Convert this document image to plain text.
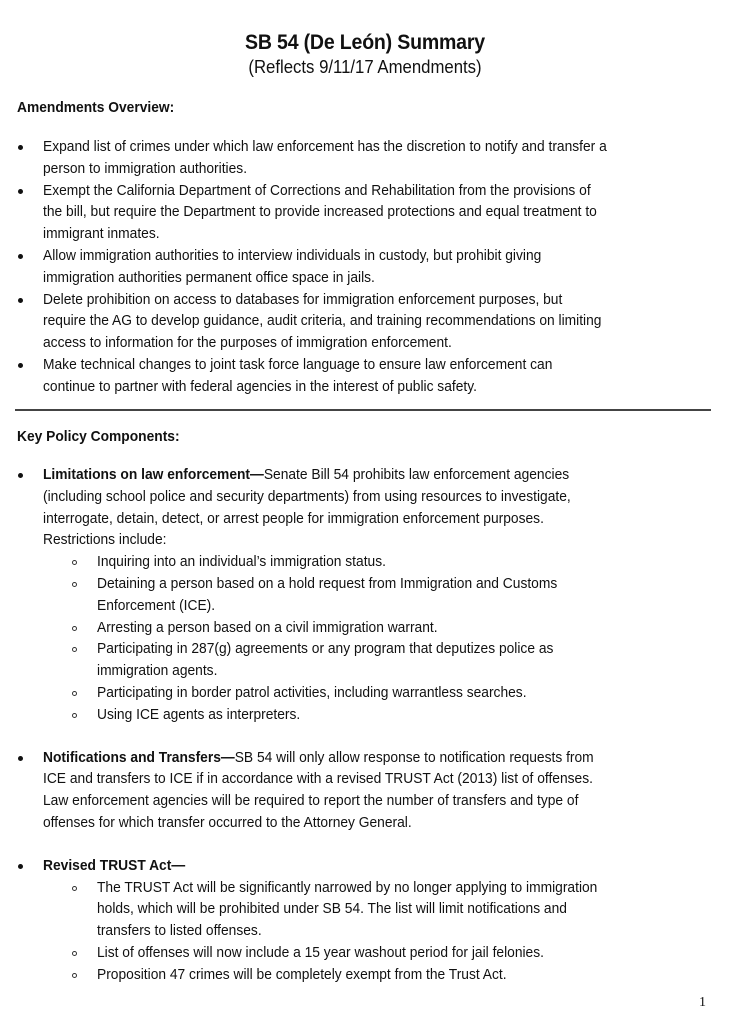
SB 54 (De León) Summary
(Reflects 9/11/17 Amendments)
Amendments Overview:
Expand list of crimes under which law enforcement has the discretion to notify and transfer a
person to immigration authorities.
Exempt the California Department of Corrections and Rehabilitation from the provisions of
the bill, but require the Department to provide increased protections and equal treatment to
immigrant inmates.
Allow immigration authorities to interview individuals in custody, but prohibit giving
immigration authorities permanent office space in jails.
Delete prohibition on access to databases for immigration enforcement purposes, but
require the AG to develop guidance, audit criteria, and training recommendations on limiting
access to information for the purposes of immigration enforcement.
Make technical changes to joint task force language to ensure law enforcement can
continue to partner with federal agencies in the interest of public safety.
Key Policy Components:
Limitations on law enforcement—Senate Bill 54 prohibits law enforcement agencies
(including school police and security departments) from using resources to investigate,
interrogate, detain, detect, or arrest people for immigration enforcement purposes.
Restrictions include:
Inquiring into an individual’s immigration status.
Detaining a person based on a hold request from Immigration and Customs
Enforcement (ICE).
Arresting a person based on a civil immigration warrant.
Participating in 287(g) agreements or any program that deputizes police as
immigration agents.
Participating in border patrol activities, including warrantless searches.
Using ICE agents as interpreters.
Notifications and Transfers—SB 54 will only allow response to notification requests from
ICE and transfers to ICE if in accordance with a revised TRUST Act (2013) list of offenses.
Law enforcement agencies will be required to report the number of transfers and type of
offenses for which transfer occurred to the Attorney General.
Revised TRUST Act—
The TRUST Act will be significantly narrowed by no longer applying to immigration
holds, which will be prohibited under SB 54. The list will limit notifications and
transfers to listed offenses.
List of offenses will now include a 15 year washout period for jail felonies.
Proposition 47 crimes will be completely exempt from the Trust Act.
1
